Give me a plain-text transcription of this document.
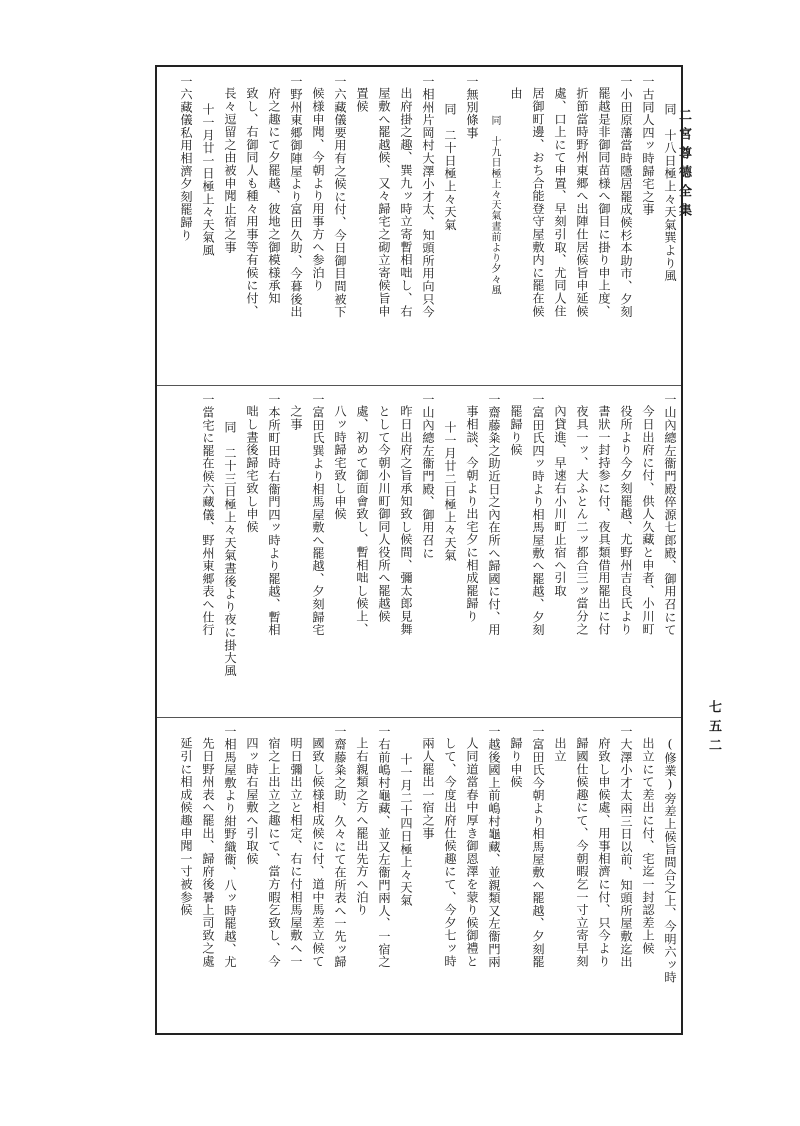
二宮尊德全集
七五二
同　十八日極上々天氣巽より風
一古同人四ッ時歸宅之事
一小田原藩當時隱居罷成候杉本助市、夕刻
罷越是非御同苗様へ御目に掛り申上度、
折節當時野州東郷へ出陣仕居候旨申延候
處、口上にて申置、早刻引取、尤同人住
居御町邊、おち合能登守屋敷内に罷在候
由
同　十九日極上々天氣晝前より夕々風
一無別條事
同　二十日極上々天氣
一相州片岡村大澤小才太、知頭所用向只今
出府掛之趣、巽九ッ時立寄暫相咄し、右
屋敷へ罷越候、又々歸宅之砌立寄候旨申
置候
一六藏儀要用有之候に付、今日御目間被下
候様申聞、今朝より用事方へ参泊り
一野州東郷御陣屋より富田久助、今暮後出
府之趣にて夕罷越、彼地之御模様承知
致し、右御同人も種々用事等有候に付、
長々逗留之由被申聞止宿之事
十一月廿一日極上々天氣風
一六藏儀私用相濟夕刻罷歸り
一山內總左衞門殿倅源七郎殿、御用召にて
今日出府に付、供人久藏と申者、小川町
役所より今夕刻罷越、尤野州吉良氏より
書狀一封持参に付、夜具類借用罷出に付
夜具一ッ、大ふとん二ッ都合三ッ當分之
內貸進、早速右小川町止宿へ引取
一富田氏四ッ時より相馬屋敷へ罷越、夕刻
罷歸り候
一齋藤粂之助近日之內在所へ歸國に付、用
事相談、今朝より出宅夕に相成罷歸り
十一月廿二日極上々天氣
一山內總左衞門殿、御用召に
昨日出府之旨承知致し候間、彌太郎見舞
として今朝小川町御同人役所へ罷越候
處、初めて御面會致し、暫相咄し候上、
八ッ時歸宅致し申候
一富田氏巽より相馬屋敷へ罷越、夕刻歸宅
之事
一本所町田時右衞門四ッ時より罷越、暫相
咄し晝後歸宅致し申候
同　二十三日極上々天氣晝後より夜に掛大風
一當宅に罷在候六藏儀、野州東郷表へ仕行
(修業)旁差上候旨間合之上、今明六ッ時
出立にて差出に付、宅迄一封認差上候
一大澤小才太兩三日以前、知頭所屋敷迄出
府致し申候處、用事相濟に付、只今より
歸國仕候趣にて、今朝暇乞一寸立寄早刻
出立
一富田氏今朝より相馬屋敷へ罷越、夕刻罷
歸り申候
一越後國上前嶋村龜藏、並親類又左衞門兩
人同道當春中厚き御恩澤を蒙り候御禮と
して、今度出府仕候趣にて、今夕七ッ時
兩人罷出一宿之事
十一月二十四日極上々天氣
一右前嶋村龜藏、並又左衞門兩人、一宿之
上右親類之方へ罷出先方へ泊り
一齋藤粂之助、久々にて在所表へ一先ッ歸
國致し候様相成候に付、道中馬差立候て
明日彌出立と相定、右に付相馬屋敷へ一
宿之上出立之趣にて、當方暇乞致し、今
四ッ時右屋敷へ引取候
一相馬屋敷より紺野織衞、八ッ時罷越、尤
先日野州表へ罷出、歸府後暑上司致之處
延引に相成候趣申聞一寸被参候
